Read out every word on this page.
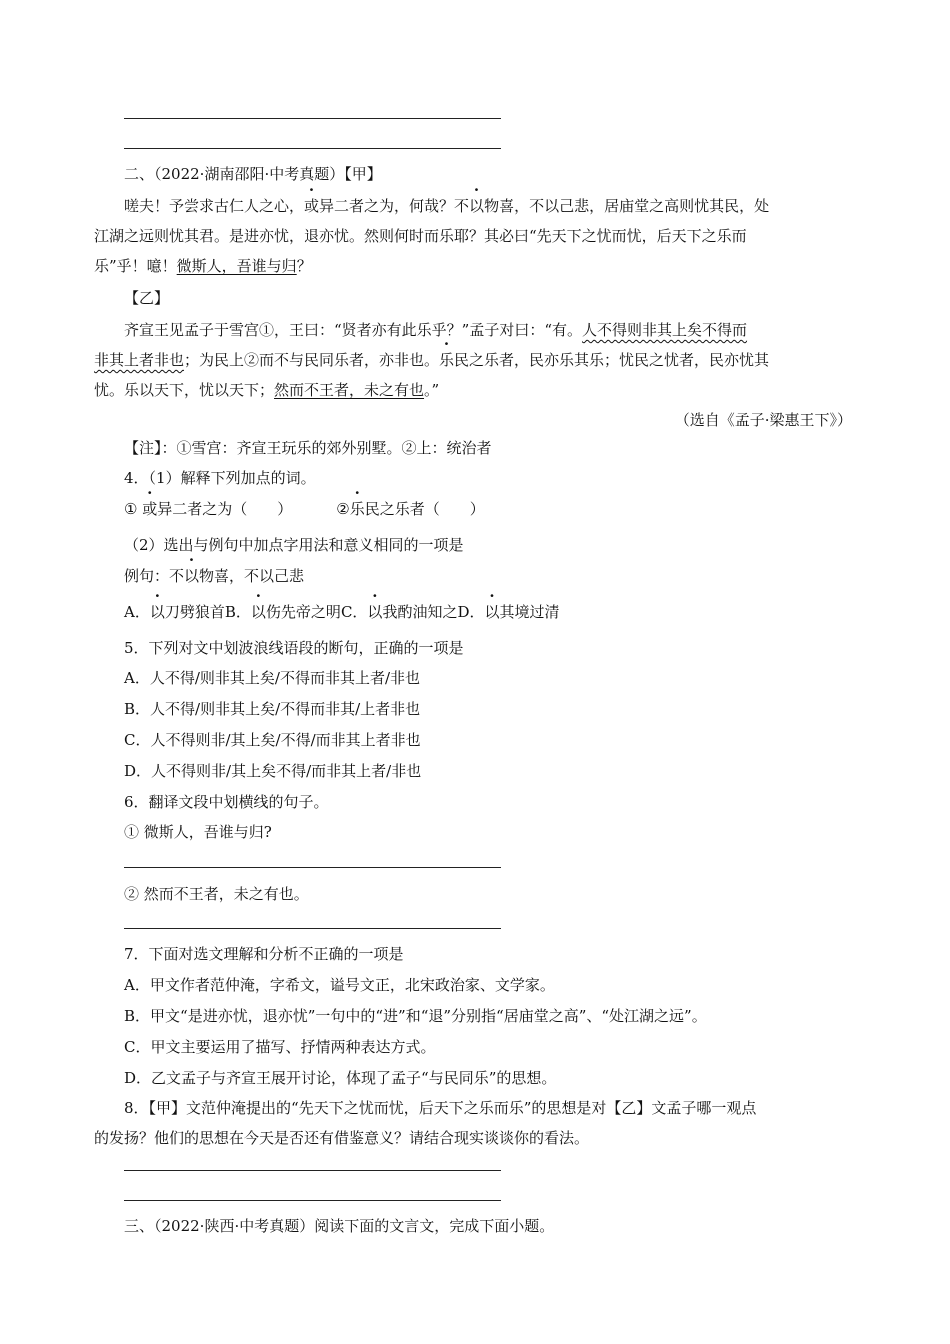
二、（2022·湖南邵阳·中考真题）【甲】
嗟夫！予尝求古仁人之心，或异二者之为，何哉？不以物喜，不以己悲，居庙堂之高则忧其民，处
江湖之远则忧其君。是进亦忧，退亦忧。然则何时而乐耶？其必曰“先天下之忧而忧，后天下之乐而
乐”乎！噫！微斯人，吾谁与归？
【乙】
齐宣王见孟子于雪宫①，王曰：“贤者亦有此乐乎？”孟子对曰：“有。人不得则非其上矣不得而
非其上者非也；为民上②而不与民同乐者，亦非也。乐民之乐者，民亦乐其乐；忧民之忧者，民亦忧其
忧。乐以天下，忧以天下；然而不王者，未之有也。”
（选自《孟子·梁惠王下》）
【注】：①雪宫：齐宣王玩乐的郊外别墅。②上：统治者
4．（1）解释下列加点的词。
① 或异二者之为（　　）	②乐民之乐者（　　）
（2）选出与例句中加点字用法和意义相同的一项是
例句：不以物喜，不以己悲
A．以刀劈狼首B．以伤先帝之明C．以我酌油知之D．以其境过清
5．下列对文中划波浪线语段的断句，正确的一项是
A．人不得/则非其上矣/不得而非其上者/非也
B．人不得/则非其上矣/不得而非其/上者非也
C．人不得则非/其上矣/不得/而非其上者非也
D．人不得则非/其上矣不得/而非其上者/非也
6．翻译文段中划横线的句子。
① 微斯人，吾谁与归?
② 然而不王者，未之有也。
7．下面对选文理解和分析不正确的一项是
A．甲文作者范仲淹，字希文，谥号文正，北宋政治家、文学家。
B．甲文“是进亦忧，退亦忧”一句中的“进”和“退”分别指“居庙堂之高”、“处江湖之远”。
C．甲文主要运用了描写、抒情两种表达方式。
D．乙文孟子与齐宣王展开讨论，体现了孟子“与民同乐”的思想。
8．【甲】文范仲淹提出的“先天下之忧而忧，后天下之乐而乐”的思想是对【乙】文孟子哪一观点
的发扬？他们的思想在今天是否还有借鉴意义？请结合现实谈谈你的看法。
三、（2022·陕西·中考真题）阅读下面的文言文，完成下面小题。
